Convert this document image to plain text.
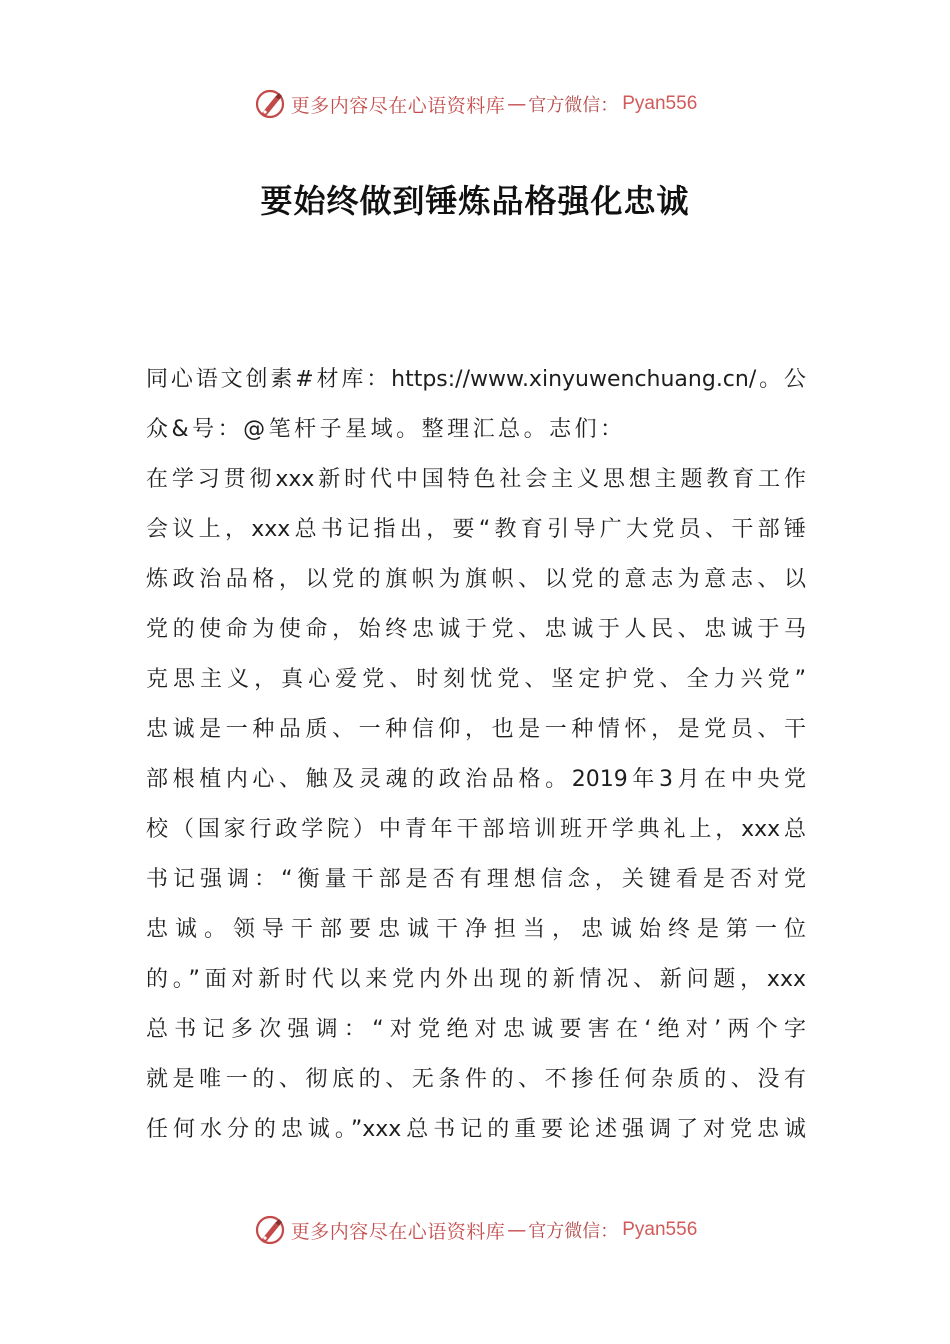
更多内容尽在心语资料库 — 官方微信： Pyan556
要始终做到锤炼品格强化忠诚
同心语文创素#材库：https://www.xinyuwenchuang.cn/。公
众&号：@笔杆子星域。整理汇总。志们：
在学习贯彻xxx新时代中国特色社会主义思想主题教育工作
会议上，xxx总书记指出，要“教育引导广大党员、干部锤
炼政治品格，以党的旗帜为旗帜、以党的意志为意志、以
党的使命为使命，始终忠诚于党、忠诚于人民、忠诚于马
克思主义，真心爱党、时刻忧党、坚定护党、全力兴党”
忠诚是一种品质、一种信仰，也是一种情怀，是党员、干
部根植内心、触及灵魂的政治品格。2019年3月在中央党
校（国家行政学院）中青年干部培训班开学典礼上，xxx总
书记强调：“衡量干部是否有理想信念，关键看是否对党
忠诚。领导干部要忠诚干净担当，忠诚始终是第一位
的。”面对新时代以来党内外出现的新情况、新问题，xxx
总书记多次强调：“对党绝对忠诚要害在‘绝对’两个字
就是唯一的、彻底的、无条件的、不掺任何杂质的、没有
任何水分的忠诚。”xxx总书记的重要论述强调了对党忠诚
更多内容尽在心语资料库 — 官方微信： Pyan556
